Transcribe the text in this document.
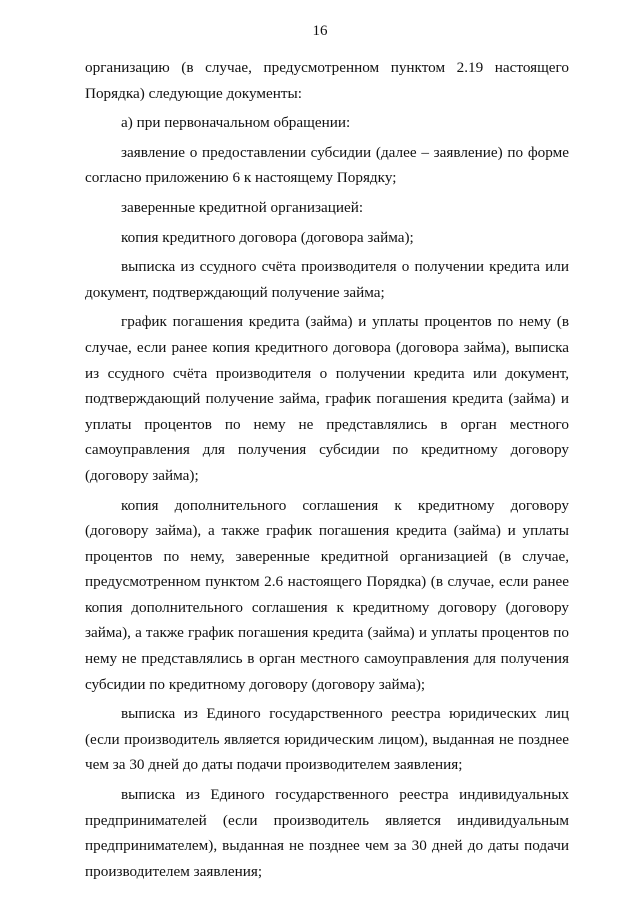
16

организацию (в случае, предусмотренном пунктом 2.19 настоящего Порядка) следующие документы:

а) при первоначальном обращении:

заявление о предоставлении субсидии (далее – заявление) по форме согласно приложению 6 к настоящему Порядку;

заверенные кредитной организацией:

копия кредитного договора (договора займа);

выписка из ссудного счёта производителя о получении кредита или документ, подтверждающий получение займа;

график погашения кредита (займа) и уплаты процентов по нему (в случае, если ранее копия кредитного договора (договора займа), выписка из ссудного счёта производителя о получении кредита или документ, подтверждающий получение займа, график погашения кредита (займа) и уплаты процентов по нему не представлялись в орган местного самоуправления для получения субсидии по кредитному договору (договору займа);

копия дополнительного соглашения к кредитному договору (договору займа), а также график погашения кредита (займа) и уплаты процентов по нему, заверенные кредитной организацией (в случае, предусмотренном пунктом 2.6 настоящего Порядка) (в случае, если ранее копия дополнительного соглашения к кредитному договору (договору займа), а также график погашения кредита (займа) и уплаты процентов по нему не представлялись в орган местного самоуправления для получения субсидии по кредитному договору (договору займа);

выписка из Единого государственного реестра юридических лиц (если производитель является юридическим лицом), выданная не позднее чем за 30 дней до даты подачи производителем заявления;

выписка из Единого государственного реестра индивидуальных предпринимателей (если производитель является индивидуальным предпринимателем), выданная не позднее чем за 30 дней до даты подачи производителем заявления;
